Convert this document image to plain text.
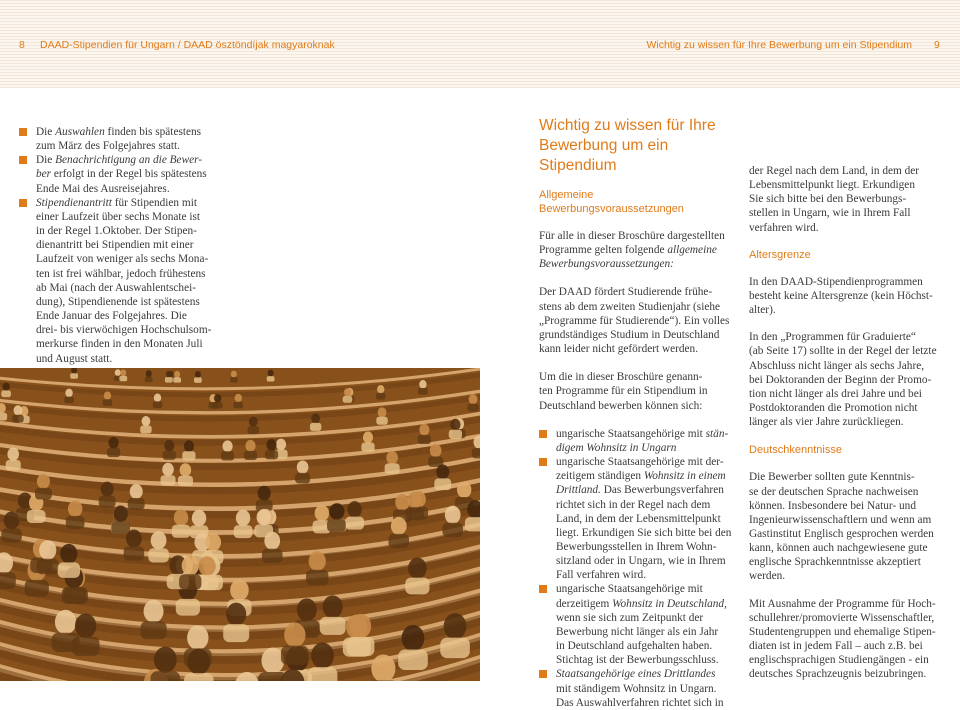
8 DAAD-Stipendien für Ungarn / DAAD ösztöndíjak magyaroknak	Wichtig zu wissen für Ihre Bewerbung um ein Stipendium 9
Die Auswahlen finden bis spätestens
zum März des Folgejahres statt.
Die Benachrichtigung an die Bewer-
ber erfolgt in der Regel bis spätestens
Ende Mai des Ausreisejahres.
Stipendienantritt für Stipendien mit
einer Laufzeit über sechs Monate ist
in der Regel 1.Oktober. Der Stipen-
dienantritt bei Stipendien mit einer
Laufzeit von weniger als sechs Mona-
ten ist frei wählbar, jedoch frühestens
ab Mai (nach der Auswahlentschei-
dung), Stipendienende ist spätestens
Ende Januar des Folgejahres. Die
drei- bis vierwöchigen Hochschulsom-
merkurse finden in den Monaten Juli
und August statt.
Wichtig zu wissen für Ihre
Bewerbung um ein Stipendium
Allgemeine
Bewerbungsvoraussetzungen

Für alle in dieser Broschüre dargestellten
Programme gelten folgende allgemeine
Bewerbungsvoraussetzungen:

Der DAAD fördert Studierende frühe-
stens ab dem zweiten Studienjahr (siehe
„Programme für Studierende“). Ein volles
grundständiges Studium in Deutschland
kann leider nicht gefördert werden.

Um die in dieser Broschüre genann-
ten Programme für ein Stipendium in
Deutschland bewerben können sich:

ungarische Staatsangehörige mit stän-
digem Wohnsitz in Ungarn
ungarische Staatsangehörige mit der-
zeitigem ständigen Wohnsitz in einem
Drittland. Das Bewerbungsverfahren
richtet sich in der Regel nach dem
Land, in dem der Lebensmittelpunkt
liegt. Erkundigen Sie sich bitte bei den
Bewerbungsstellen in Ihrem Wohn-
sitzland oder in Ungarn, wie in Ihrem
Fall verfahren wird.
ungarische Staatsangehörige mit
derzeitigem Wohnsitz in Deutschland,
wenn sie sich zum Zeitpunkt der
Bewerbung nicht länger als ein Jahr
in Deutschland aufgehalten haben.
Stichtag ist der Bewerbungsschluss.
Staatsangehörige eines Drittlandes
mit ständigem Wohnsitz in Ungarn.
Das Auswahlverfahren richtet sich in

der Regel nach dem Land, in dem der
Lebensmittelpunkt liegt. Erkundigen
Sie sich bitte bei den Bewerbungs-
stellen in Ungarn, wie in Ihrem Fall
verfahren wird.

Altersgrenze

In den DAAD-Stipendienprogrammen
besteht keine Altersgrenze (kein Höchst-
alter).

In den „Programmen für Graduierte“
(ab Seite 17) sollte in der Regel der letzte
Abschluss nicht länger als sechs Jahre,
bei Doktoranden der Beginn der Promo-
tion nicht länger als drei Jahre und bei
Postdoktoranden die Promotion nicht
länger als vier Jahre zurückliegen.

Deutschkenntnisse

Die Bewerber sollten gute Kenntnis-
se der deutschen Sprache nachweisen
können. Insbesondere bei Natur- und
Ingenieurwissenschaftlern und wenn am
Gastinstitut Englisch gesprochen werden
kann, können auch nachgewiesene gute
englische Sprachkenntnisse akzeptiert
werden.

Mit Ausnahme der Programme für Hoch-
schullehrer/promovierte Wissenschaftler,
Studentengruppen und ehemalige Stipen-
diaten ist in jedem Fall – auch z.B. bei
englischsprachigen Studiengängen - ein
deutsches Sprachzeugnis beizubringen.
